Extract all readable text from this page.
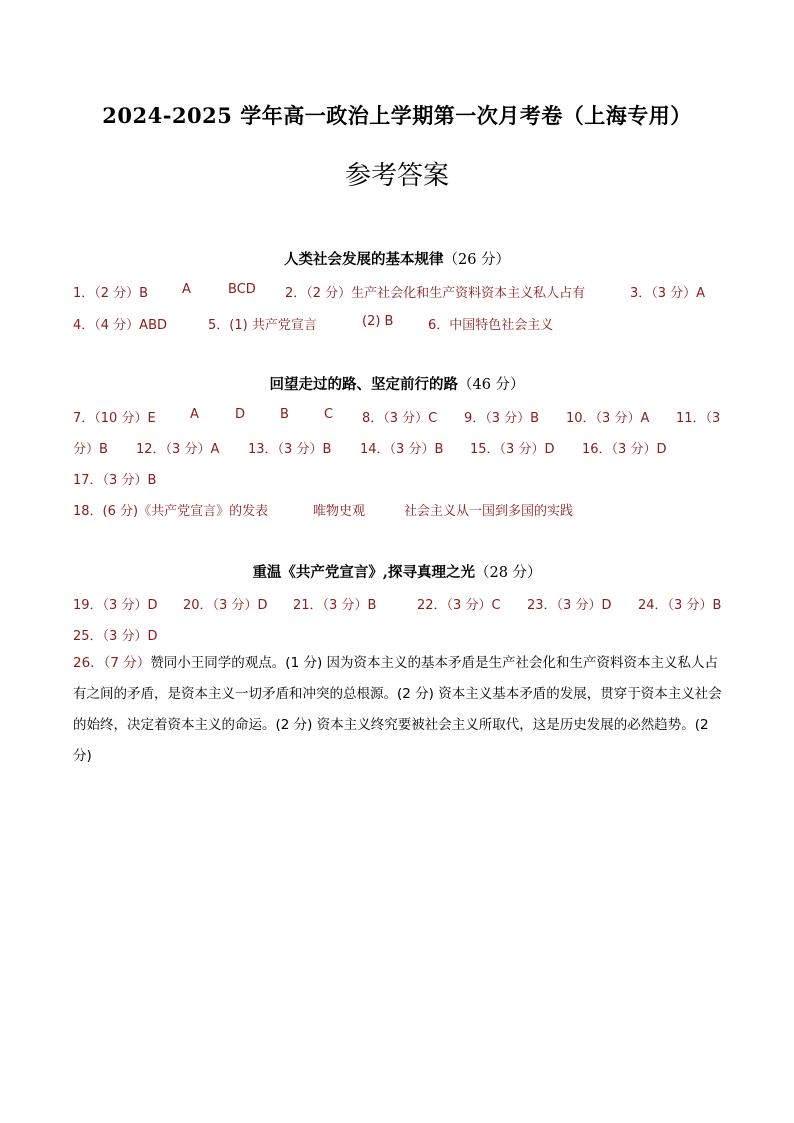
2024-2025 学年高一政治上学期第一次月考卷（上海专用）
参考答案
人类社会发展的基本规律（26 分）
1．（2 分）B	A	BCD 2．（2 分）生产社会化和生产资料资本主义私人占有	3．（3 分）A
4．（4 分）ABD	5．(1) 共产党宣言	(2) B	6．中国特色社会主义
回望走过的路、坚定前行的路（46 分）
7．（10 分）E	A	D	B	C 8．（3 分）C 9．（3 分）B 10．（3 分）A 11．（3
分）B 12．（3 分）A 13．（3 分）B 14．（3 分）B 15．（3 分）D 16．（3 分）D
17．（3 分）B
18．(6 分)《共产党宣言》的发表	唯物史观	社会主义从一国到多国的实践
重温《共产党宣言》,探寻真理之光（28 分）
19．（3 分）D 20．（3 分）D 21．（3 分）B	22．（3 分）C 23．（3 分）D 24．（3 分）B
25．（3 分）D
26．（7 分）赞同小王同学的观点。(1 分) 因为资本主义的基本矛盾是生产社会化和生产资料资本主义私人占有之间的矛盾，是资本主义一切矛盾和冲突的总根源。(2 分) 资本主义基本矛盾的发展，贯穿于资本主义社会的始终，决定着资本主义的命运。(2 分) 资本主义终究要被社会主义所取代，这是历史发展的必然趋势。(2 分)
